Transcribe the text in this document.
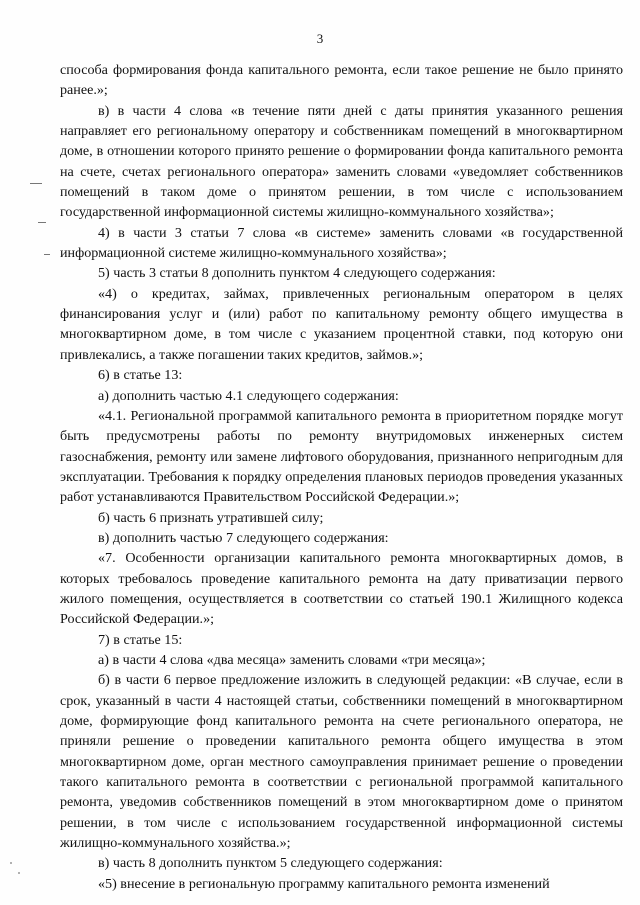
3

способа формирования фонда капитального ремонта, если такое решение не было принято ранее.»;

в) в части 4 слова «в течение пяти дней с даты принятия указанного решения направляет его региональному оператору и собственникам помещений в многоквартирном доме, в отношении которого принято решение о формировании фонда капитального ремонта на счете, счетах регионального оператора» заменить словами «уведомляет собственников помещений в таком доме о принятом решении, в том числе с использованием государственной информационной системы жилищно-коммунального хозяйства»;

4) в части 3 статьи 7 слова «в системе» заменить словами «в государственной информационной системе жилищно-коммунального хозяйства»;

5) часть 3 статьи 8 дополнить пунктом 4 следующего содержания:

«4) о кредитах, займах, привлеченных региональным оператором в целях финансирования услуг и (или) работ по капитальному ремонту общего имущества в многоквартирном доме, в том числе с указанием процентной ставки, под которую они привлекались, а также погашении таких кредитов, займов.»;

6) в статье 13:

а) дополнить частью 4.1 следующего содержания:

«4.1. Региональной программой капитального ремонта в приоритетном порядке могут быть предусмотрены работы по ремонту внутридомовых инженерных систем газоснабжения, ремонту или замене лифтового оборудования, признанного непригодным для эксплуатации. Требования к порядку определения плановых периодов проведения указанных работ устанавливаются Правительством Российской Федерации.»;

б) часть 6 признать утратившей силу;

в) дополнить частью 7 следующего содержания:

«7. Особенности организации капитального ремонта многоквартирных домов, в которых требовалось проведение капитального ремонта на дату приватизации первого жилого помещения, осуществляется в соответствии со статьей 190.1 Жилищного кодекса Российской Федерации.»;

7) в статье 15:

а) в части 4 слова «два месяца» заменить словами «три месяца»;

б) в части 6 первое предложение изложить в следующей редакции: «В случае, если в срок, указанный в части 4 настоящей статьи, собственники помещений в многоквартирном доме, формирующие фонд капитального ремонта на счете регионального оператора, не приняли решение о проведении капитального ремонта общего имущества в этом многоквартирном доме, орган местного самоуправления принимает решение о проведении такого капитального ремонта в соответствии с региональной программой капитального ремонта, уведомив собственников помещений в этом многоквартирном доме о принятом решении, в том числе с использованием государственной информационной системы жилищно-коммунального хозяйства.»;

в) часть 8 дополнить пунктом 5 следующего содержания:

«5) внесение в региональную программу капитального ремонта изменений
